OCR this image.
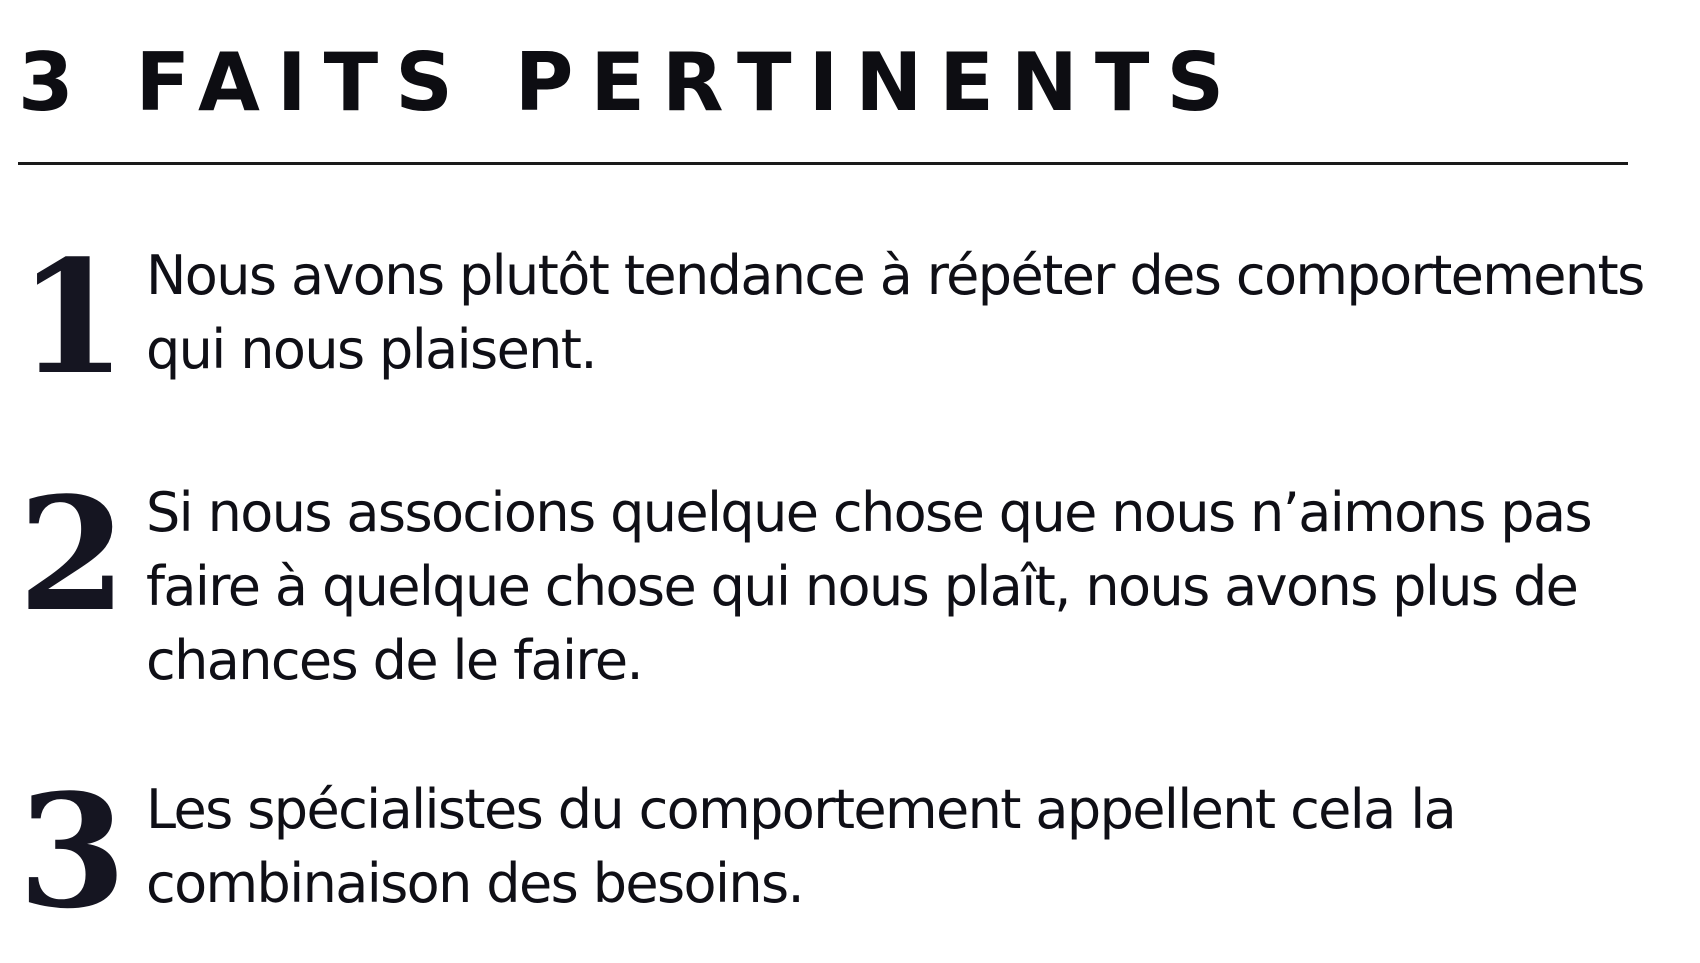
3 FAITS PERTINENTS
1 Nous avons plutôt tendance à répéter des comportements qui nous plaisent.

2 Si nous associons quelque chose que nous n’aimons pas faire à quelque chose qui nous plaît, nous avons plus de chances de le faire.

3 Les spécialistes du comportement appellent cela la combinaison des besoins.
